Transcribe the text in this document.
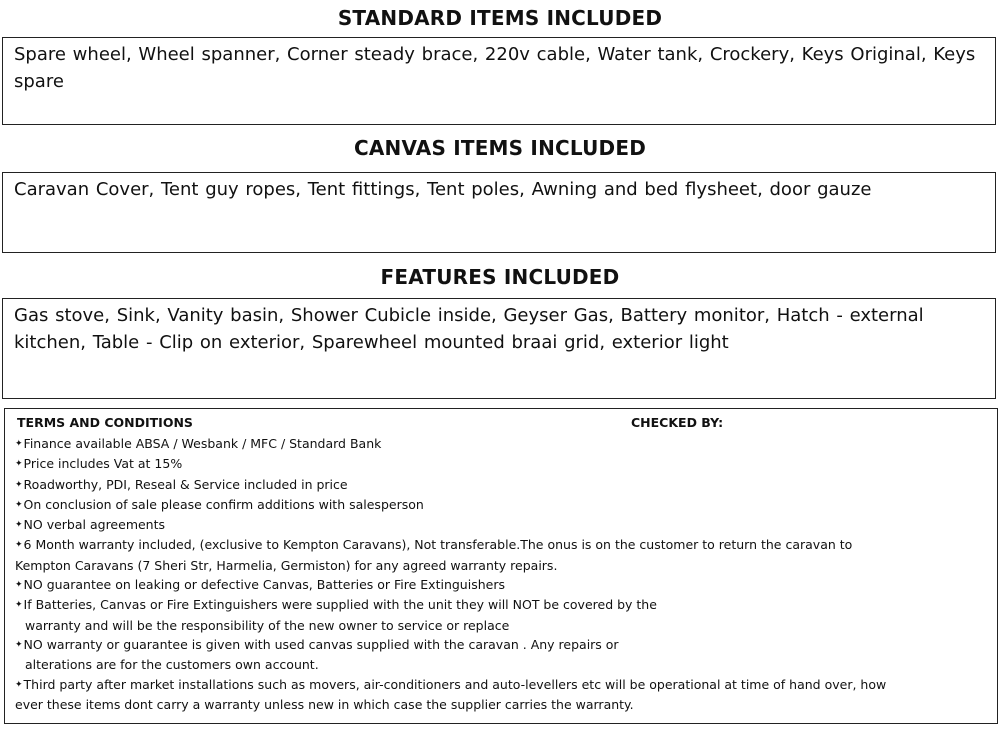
STANDARD ITEMS INCLUDED
Spare wheel, Wheel spanner, Corner steady brace, 220v cable, Water tank, Crockery, Keys Original, Keys spare
CANVAS ITEMS INCLUDED
Caravan Cover, Tent guy ropes, Tent fittings, Tent poles, Awning and bed flysheet, door gauze
FEATURES INCLUDED
Gas stove, Sink, Vanity basin, Shower Cubicle inside, Geyser Gas, Battery monitor, Hatch - external kitchen, Table - Clip on exterior, Sparewheel mounted braai grid, exterior light
TERMS AND CONDITIONS	CHECKED BY:
✦Finance available ABSA / Wesbank / MFC / Standard Bank
✦Price includes Vat at 15%
✦Roadworthy, PDI, Reseal & Service included in price
✦On conclusion of sale please confirm additions with salesperson
✦NO verbal agreements
✦6 Month warranty included, (exclusive to Kempton Caravans), Not transferable.The onus is on the customer to return the caravan to
Kempton Caravans (7 Sheri Str, Harmelia, Germiston) for any agreed warranty repairs.
✦NO guarantee on leaking or defective Canvas, Batteries or Fire Extinguishers
✦If Batteries, Canvas or Fire Extinguishers were supplied with the unit they will NOT be covered by the
warranty and will be the responsibility of the new owner to service or replace
✦NO warranty or guarantee is given with used canvas supplied with the caravan . Any repairs or
alterations are for the customers own account.
✦Third party after market installations such as movers, air-conditioners and auto-levellers etc will be operational at time of hand over, how
ever these items dont carry a warranty unless new in which case the supplier carries the warranty.
